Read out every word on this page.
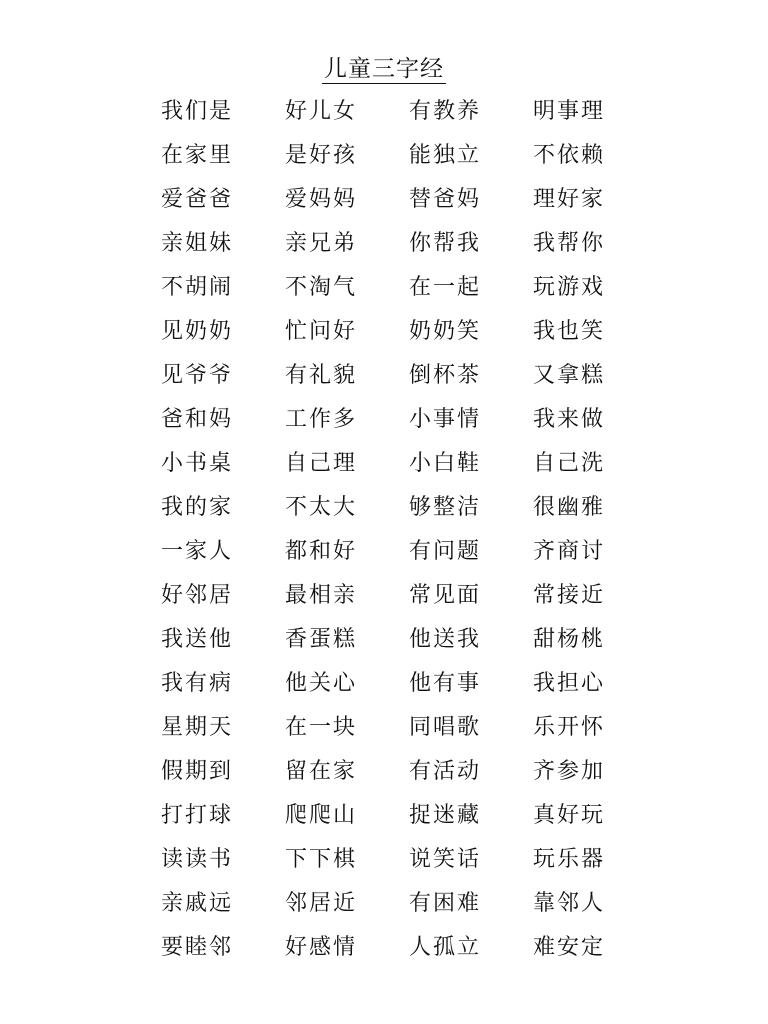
儿童三字经
我们是	好儿女	有教养	明事理
在家里	是好孩	能独立	不依赖
爱爸爸	爱妈妈	替爸妈	理好家
亲姐妹	亲兄弟	你帮我	我帮你
不胡闹	不淘气	在一起	玩游戏
见奶奶	忙问好	奶奶笑	我也笑
见爷爷	有礼貌	倒杯茶	又拿糕
爸和妈	工作多	小事情	我来做
小书桌	自己理	小白鞋	自己洗
我的家	不太大	够整洁	很幽雅
一家人	都和好	有问题	齐商讨
好邻居	最相亲	常见面	常接近
我送他	香蛋糕	他送我	甜杨桃
我有病	他关心	他有事	我担心
星期天	在一块	同唱歌	乐开怀
假期到	留在家	有活动	齐参加
打打球	爬爬山	捉迷藏	真好玩
读读书	下下棋	说笑话	玩乐器
亲戚远	邻居近	有困难	靠邻人
要睦邻	好感情	人孤立	难安定
